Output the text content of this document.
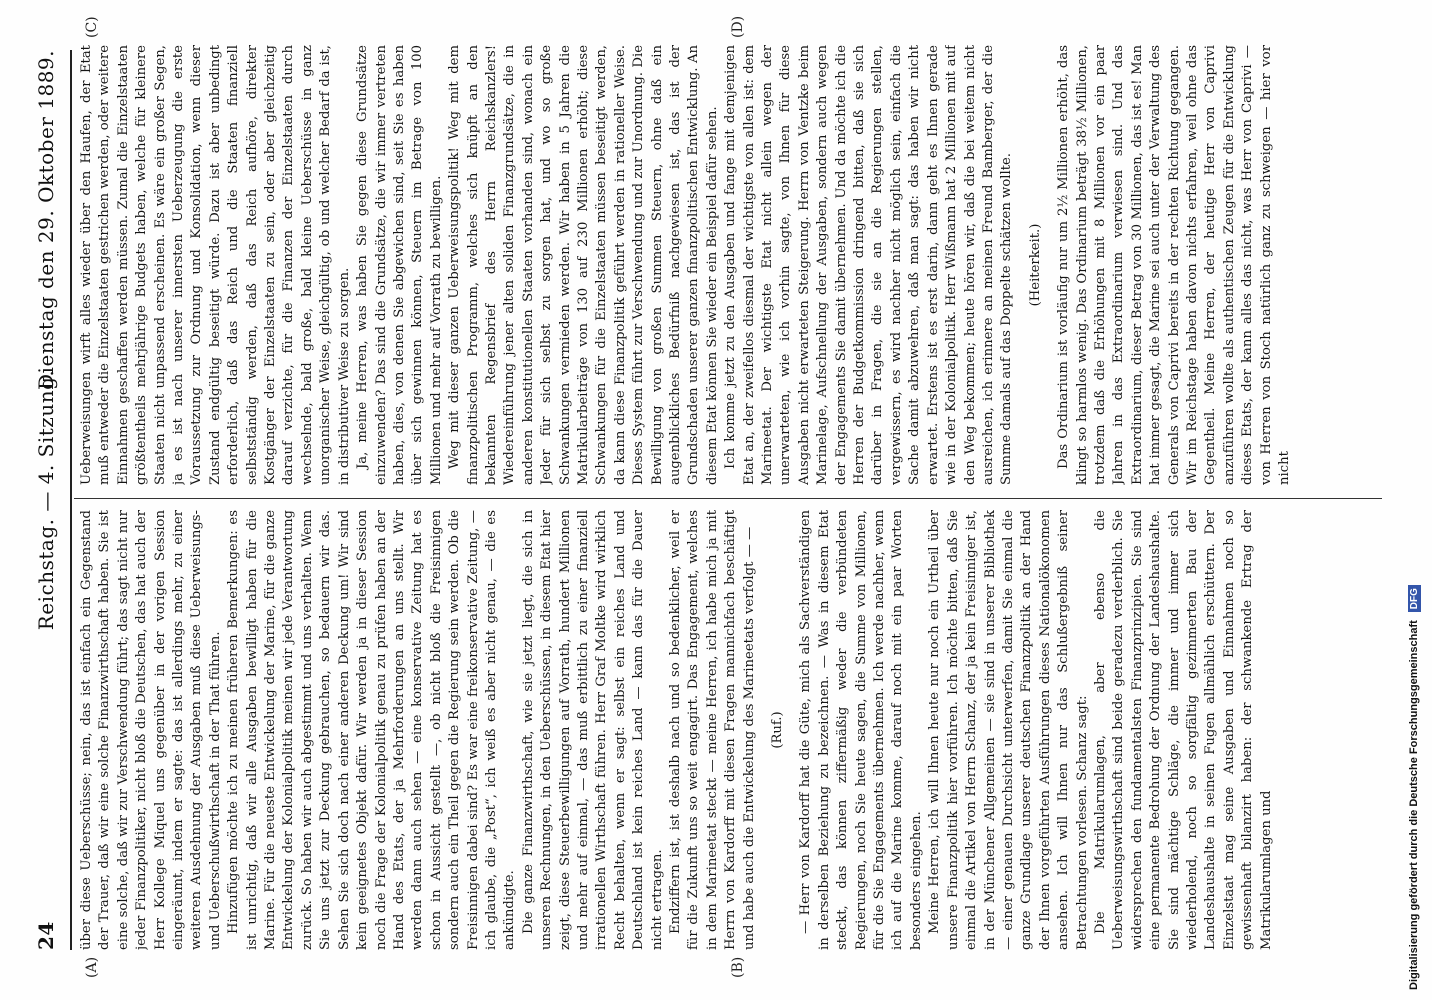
24
Reichstag. — 4. Sitzung.
Dienstag den 29. Oktober 1889.
(A)	(B)
(C)	(D)

über diese Ueberschüsse; nein, das ist einfach ein Gegenstand der Trauer, daß wir eine solche Finanzwirthschaft haben. Sie ist eine solche, daß wir zur Verschwendung führt; das sagt nicht nur jeder Finanzpolitiker, nicht bloß die Deutschen, das hat auch der Herr Kollege Miquel uns gegenüber in der vorigen Session eingeräumt, indem er sagte: das ist allerdings mehr, zu einer weiteren Ausdehnung der Ausgaben muß diese Ueberweisungs- und Ueberschußwirthschaft in der That führen. Hinzufügen möchte ich zu meinen früheren Bemerkungen: es ist unrichtig, daß wir alle Ausgaben bewilligt haben für die Marine. Für die neueste Entwickelung der Marine, für die ganze Entwickelung der Kolonialpolitik meinen wir jede Verantwortung zurück. So haben wir auch abgestimmt und uns verhalten. Wenn Sie uns jetzt zur Deckung gebrauchen, so bedauern wir das. Sehen Sie sich doch nach einer anderen Deckung um! Wir sind kein geeignetes Objekt dafür. Wir werden ja in dieser Session noch die Frage der Kolonialpolitik genau zu prüfen haben an der Hand des Etats, der ja Mehrforderungen an uns stellt. Wir werden dann auch sehen — eine konservative Zeitung hat es schon in Aussicht gestellt —, ob nicht bloß die Freisinnigen sondern auch ein Theil gegen die Regierung sein werden. Ob die Freisinnigen dabei sind? Es war eine freikonservative Zeitung, — ich glaube, die „Post“, ich weiß es aber nicht genau, — die es ankündigte. Die ganze Finanzwirthschaft, wie sie jetzt liegt, die sich in unseren Rechnungen, in den Ueberschüssen, in diesem Etat hier zeigt, diese Steuerbewilligungen auf Vorrath, hundert Millionen und mehr auf einmal, — das muß erbittlich zu einer finanziell irrationellen Wirthschaft führen. Herr Graf Moltke wird wirklich Recht behalten, wenn er sagt: selbst ein reiches Land und Deutschland ist kein reiches Land — kann das für die Dauer nicht ertragen. Endziffern ist, ist deshalb nach und so bedenklicher, weil er für die Zukunft uns so weit engagirt. Das Engagement, welches in dem Marineetat steckt — meine Herren, ich habe mich ja mit Herrn von Kardorff mit diesen Fragen mannichfach beschäftigt und habe auch die Entwickelung des Marineetats verfolgt — — (Ruf.) — Herr von Kardorff hat die Güte, mich als Sachverständigen in derselben Beziehung zu bezeichnen. — Was in diesem Etat steckt, das können ziffermäßig weder die verbündeten Regierungen, noch Sie heute sagen, die Summe von Millionen, für die Sie Engagements übernehmen. Ich werde nachher, wenn ich auf die Marine komme, darauf noch mit ein paar Worten besonders eingehen. Meine Herren, ich will Ihnen heute nur noch ein Urtheil über unsere Finanzpolitik hier vorführen. Ich möchte bitten, daß Sie einmal die Artikel von Herrn Schanz, der ja kein Freisinniger ist, in der Münchener Allgemeinen — sie sind in unserer Bibliothek — einer genauen Durchsicht unterwerfen, damit Sie einmal die ganze Grundlage unserer deutschen Finanzpolitik an der Hand der Ihnen vorgeführten Ausführungen dieses Nationalökonomen ansehen. Ich will Ihnen nur das Schlußergebniß seiner Betrachtungen vorlesen. Schanz sagt: Die Matrikularumlagen, aber ebenso die Ueberweisungswirthschaft sind beide geradezu verderblich. Sie widersprechen den fundamentalsten Finanzprinzipien. Sie sind eine permanente Bedrohung der Ordnung der Landeshaushalte. Sie sind mächtige Schläge, die immer und immer sich wiederholend, noch so sorgfältig gezimmerten Bau der Landeshaushalte in seinen Fugen allmählich erschüttern. Der Einzelstaat mag seine Ausgaben und Einnahmen noch so gewissenhaft bilanzirt haben: der schwankende Ertrag der Matrikularumlagen und

Ueberweisungen wirft alles wieder über den Haufen, der Etat muß entweder die Einzelstaaten gestrichen werden, oder weitere Einnahmen geschaffen werden müssen. Zumal die Einzelstaaten größtentheils mehrjährige Budgets haben, welche für kleinere Staaten nicht unpassend erscheinen. Es wäre ein großer Segen, ja es ist nach unserer innersten Ueberzeugung die erste Voraussetzung zur Ordnung und Konsolidation, wenn dieser Zustand endgültig beseitigt würde. Dazu ist aber unbedingt erforderlich, daß das Reich und die Staaten finanziell selbstständig werden, daß das Reich aufhöre, direkter Kostgänger der Einzelstaaten zu sein, oder aber gleichzeitig darauf verzichte, für die Finanzen der Einzelstaaten durch wechselnde, bald große, bald kleine Ueberschüsse in ganz unorganischer Weise, gleichgültig, ob und welcher Bedarf da ist, in distributiver Weise zu sorgen. Ja, meine Herren, was haben Sie gegen diese Grundsätze einzuwenden? Das sind die Grundsätze, die wir immer vertreten haben, dies, von denen Sie abgewichen sind, seit Sie es haben über sich gewinnen können, Steuern im Betrage von 100 Millionen und mehr auf Vorrath zu bewilligen. Weg mit dieser ganzen Ueberweisungspolitik! Weg mit dem finanzpolitischen Programm, welches sich knüpft an den bekannten Regensbrief des Herrn Reichskanzlers! Wiedereinführung jener alten soliden Finanzgrundsätze, die in anderen konstitutionellen Staaten vorhanden sind, wonach ein Jeder für sich selbst zu sorgen hat, und wo so große Schwankungen vermieden werden. Wir haben in 5 Jahren die Matrikularbeiträge von 130 auf 230 Millionen erhöht; diese Schwankungen für die Einzelstaaten müssen beseitigt werden, da kann diese Finanzpolitik geführt werden in rationeller Weise. Dieses System führt zur Verschwendung und zur Unordnung. Die Bewilligung von großen Summen Steuern, ohne daß ein augenblickliches Bedürfniß nachgewiesen ist, das ist der Grundschaden unserer ganzen finanzpolitischen Entwicklung. An diesem Etat können Sie wieder ein Beispiel dafür sehen. Ich komme jetzt zu den Ausgaben und fange mit demjenigen Etat an, der zweifellos diesmal der wichtigste von allen ist: dem Marineetat. Der wichtigste Etat nicht allein wegen der unerwarteten, wie ich vorhin sagte, von Ihnen für diese Ausgaben nicht erwarteten Steigerung. Herrn von Ventzke beim Marinelage, Aufschnellung der Ausgaben, sondern auch wegen der Engagements Sie damit übernehmen. Und da möchte ich die Herren der Budgetkommission dringend bitten, daß sie sich darüber in Fragen, die sie an die Regierungen stellen, vergewissern, es wird nachher nicht möglich sein, einfach die Sache damit abzuwehren, daß man sagt: das haben wir nicht erwartet. Erstens ist es erst darin, dann geht es Ihnen gerade wie in der Kolonialpolitik. Herr Wißmann hat 2 Millionen mit auf den Weg bekommen; heute hören wir, daß die bei weitem nicht ausreichen, ich erinnere an meinen Freund Bamberger, der die Summe damals auf das Doppelte schätzen wollte. (Heiterkeit.) Das Ordinarium ist vorläufig nur um 2½ Millionen erhöht, das klingt so harmlos wenig. Das Ordinarium beträgt 38½ Millionen, trotzdem daß die Erhöhungen mit 8 Millionen vor ein paar Jahren in das Extraordinarium verwiesen sind. Und das Extraordinarium, dieser Betrag von 30 Millionen, das ist es! Man hat immer gesagt, die Marine sei auch unter der Verwaltung des Generals von Caprivi bereits in der rechten Richtung gegangen. Wir im Reichstage haben davon nichts erfahren, weil ohne das Gegentheil. Meine Herren, der heutige Herr von Caprivi anzuführen wollte als authentischen Zeugen für die Entwicklung dieses Etats, der kann alles das nicht, was Herr von Caprivi — von Herren von Stoch natürlich ganz zu schweigen — hier vor nicht

Digitalisierung gefördert durch die Deutsche Forschungsgemeinschaft DFG
